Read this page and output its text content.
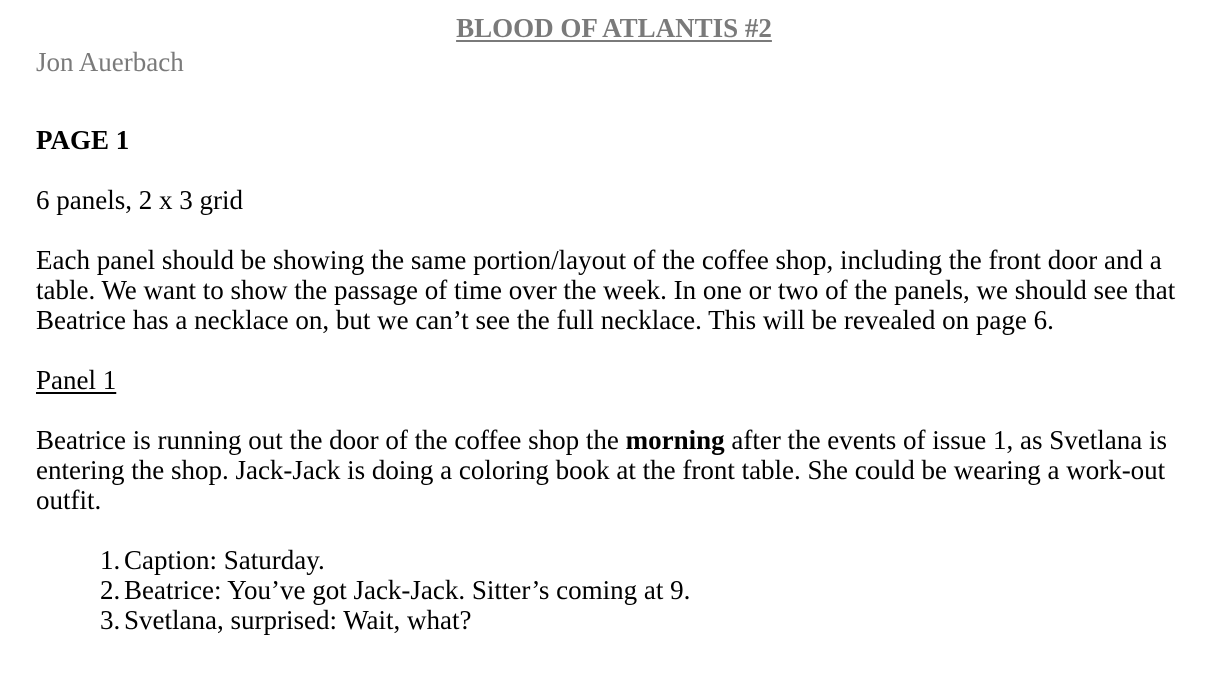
BLOOD OF ATLANTIS #2

Jon Auerbach

PAGE 1

6 panels, 2 x 3 grid

Each panel should be showing the same portion/layout of the coffee shop, including the front door and a table. We want to show the passage of time over the week. In one or two of the panels, we should see that Beatrice has a necklace on, but we can’t see the full necklace. This will be revealed on page 6.

Panel 1

Beatrice is running out the door of the coffee shop the morning after the events of issue 1, as Svetlana is entering the shop. Jack-Jack is doing a coloring book at the front table. She could be wearing a work-out outfit.

1. Caption: Saturday.
2. Beatrice: You’ve got Jack-Jack. Sitter’s coming at 9.
3. Svetlana, surprised: Wait, what?
